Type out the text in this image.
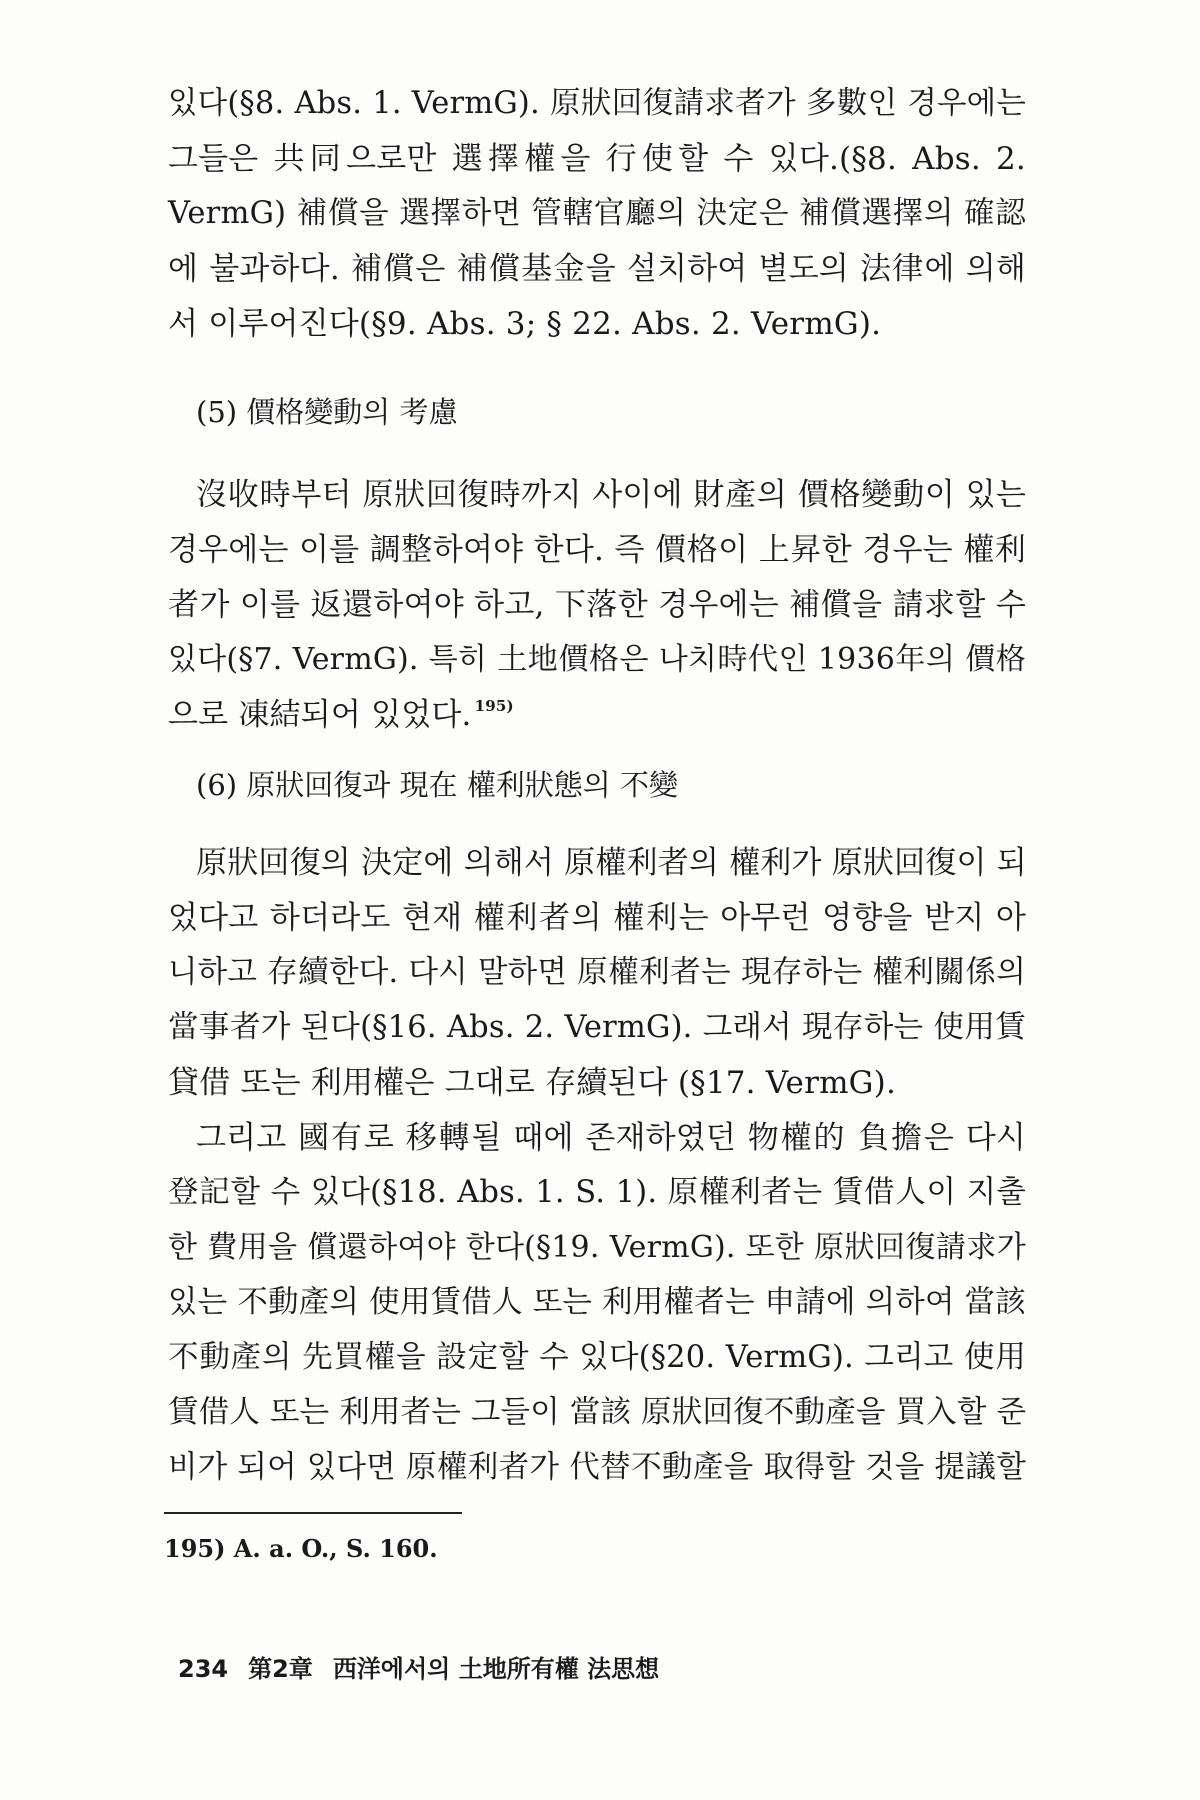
있다(§8. Abs. 1. VermG). 原狀回復請求者가 多數인 경우에는
그들은 共同으로만 選擇權을 行使할 수 있다.(§8. Abs. 2.
VermG) 補償을 選擇하면 管轄官廳의 決定은 補償選擇의 確認
에 불과하다. 補償은 補償基金을 설치하여 별도의 法律에 의해
서 이루어진다(§9. Abs. 3; § 22. Abs. 2. VermG).
(5) 價格變動의 考慮
沒收時부터 原狀回復時까지 사이에 財產의 價格變動이 있는
경우에는 이를 調整하여야 한다. 즉 價格이 上昇한 경우는 權利
者가 이를 返還하여야 하고, 下落한 경우에는 補償을 請求할 수
있다(§7. VermG). 특히 土地價格은 나치時代인 1936年의 價格
으로 凍結되어 있었다. $^{195)}$
(6) 原狀回復과 現在 權利狀態의 不變
原狀回復의 決定에 의해서 原權利者의 權利가 原狀回復이 되
었다고 하더라도 현재 權利者의 權利는 아무런 영향을 받지 아
니하고 存續한다. 다시 말하면 原權利者는 現存하는 權利關係의
當事者가 된다(§16. Abs. 2. VermG). 그래서 現存하는 使用賃
貸借 또는 利用權은 그대로 存續된다 (§17. VermG).
그리고 國有로 移轉될 때에 존재하였던 物權的 負擔은 다시
登記할 수 있다(§18. Abs. 1. S. 1). 原權利者는 賃借人이 지출
한 費用을 償還하여야 한다(§19. VermG). 또한 原狀回復請求가
있는 不動產의 使用賃借人 또는 利用權者는 申請에 의하여 當該
不動產의 先買權을 設定할 수 있다(§20. VermG). 그리고 使用
賃借人 또는 利用者는 그들이 當該 原狀回復不動產을 買入할 준
비가 되어 있다면 原權利者가 代替不動產을 取得할 것을 提議할
195) A. a. O., S. 160.
234 第2章 西洋에서의 土地所有權 法思想
